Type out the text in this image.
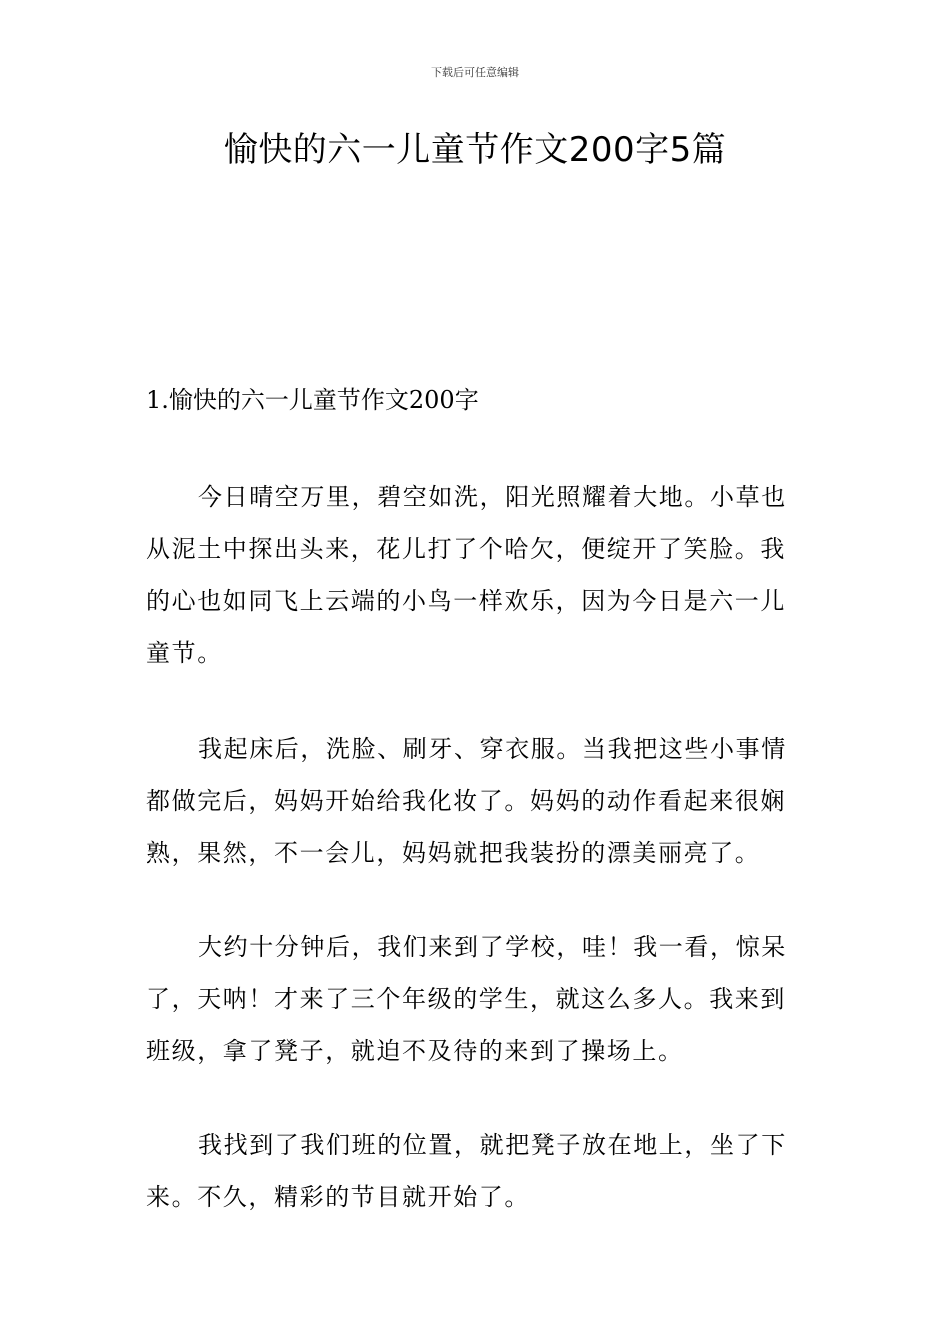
下载后可任意编辑
愉快的六一儿童节作文200字5篇
1.愉快的六一儿童节作文200字

今日晴空万里，碧空如洗，阳光照耀着大地。小草也从泥土中探出头来，花儿打了个哈欠，便绽开了笑脸。我的心也如同飞上云端的小鸟一样欢乐，因为今日是六一儿童节。

我起床后，洗脸、刷牙、穿衣服。当我把这些小事情都做完后，妈妈开始给我化妆了。妈妈的动作看起来很娴熟，果然，不一会儿，妈妈就把我装扮的漂美丽亮了。

大约十分钟后，我们来到了学校，哇！我一看，惊呆了，天呐！才来了三个年级的学生，就这么多人。我来到班级，拿了凳子，就迫不及待的来到了操场上。

我找到了我们班的位置，就把凳子放在地上，坐了下来。不久，精彩的节目就开始了。
